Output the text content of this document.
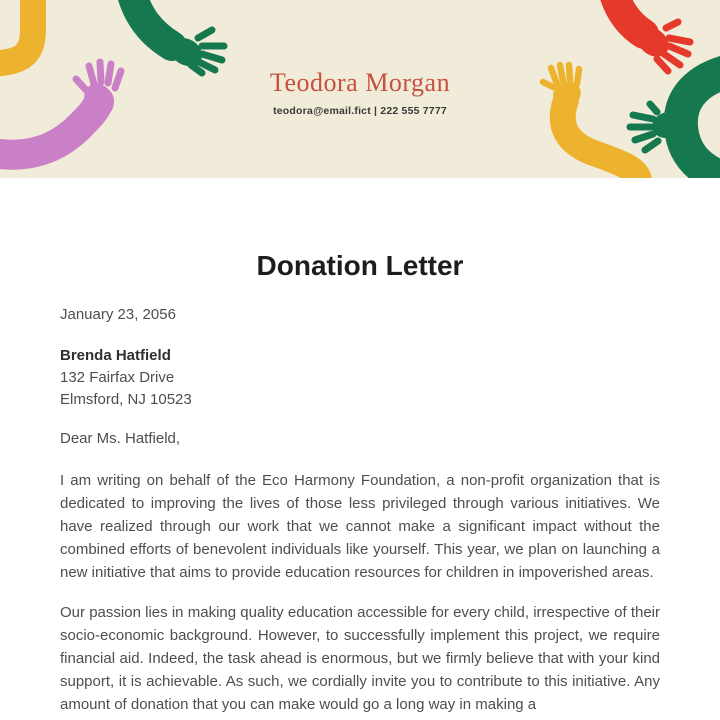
Teodora Morgan
teodora@email.fict | 222 555 7777
Donation Letter
January 23, 2056
Brenda Hatfield
132 Fairfax Drive
Elmsford, NJ 10523
Dear Ms. Hatfield,

I am writing on behalf of the Eco Harmony Foundation, a non-profit organization that is dedicated to improving the lives of those less privileged through various initiatives. We have realized through our work that we cannot make a significant impact without the combined efforts of benevolent individuals like yourself. This year, we plan on launching a new initiative that aims to provide education resources for children in impoverished areas.

Our passion lies in making quality education accessible for every child, irrespective of their socio-economic background. However, to successfully implement this project, we require financial aid. Indeed, the task ahead is enormous, but we firmly believe that with your kind support, it is achievable. As such, we cordially invite you to contribute to this initiative. Any amount of donation that you can make would go a long way in making a
